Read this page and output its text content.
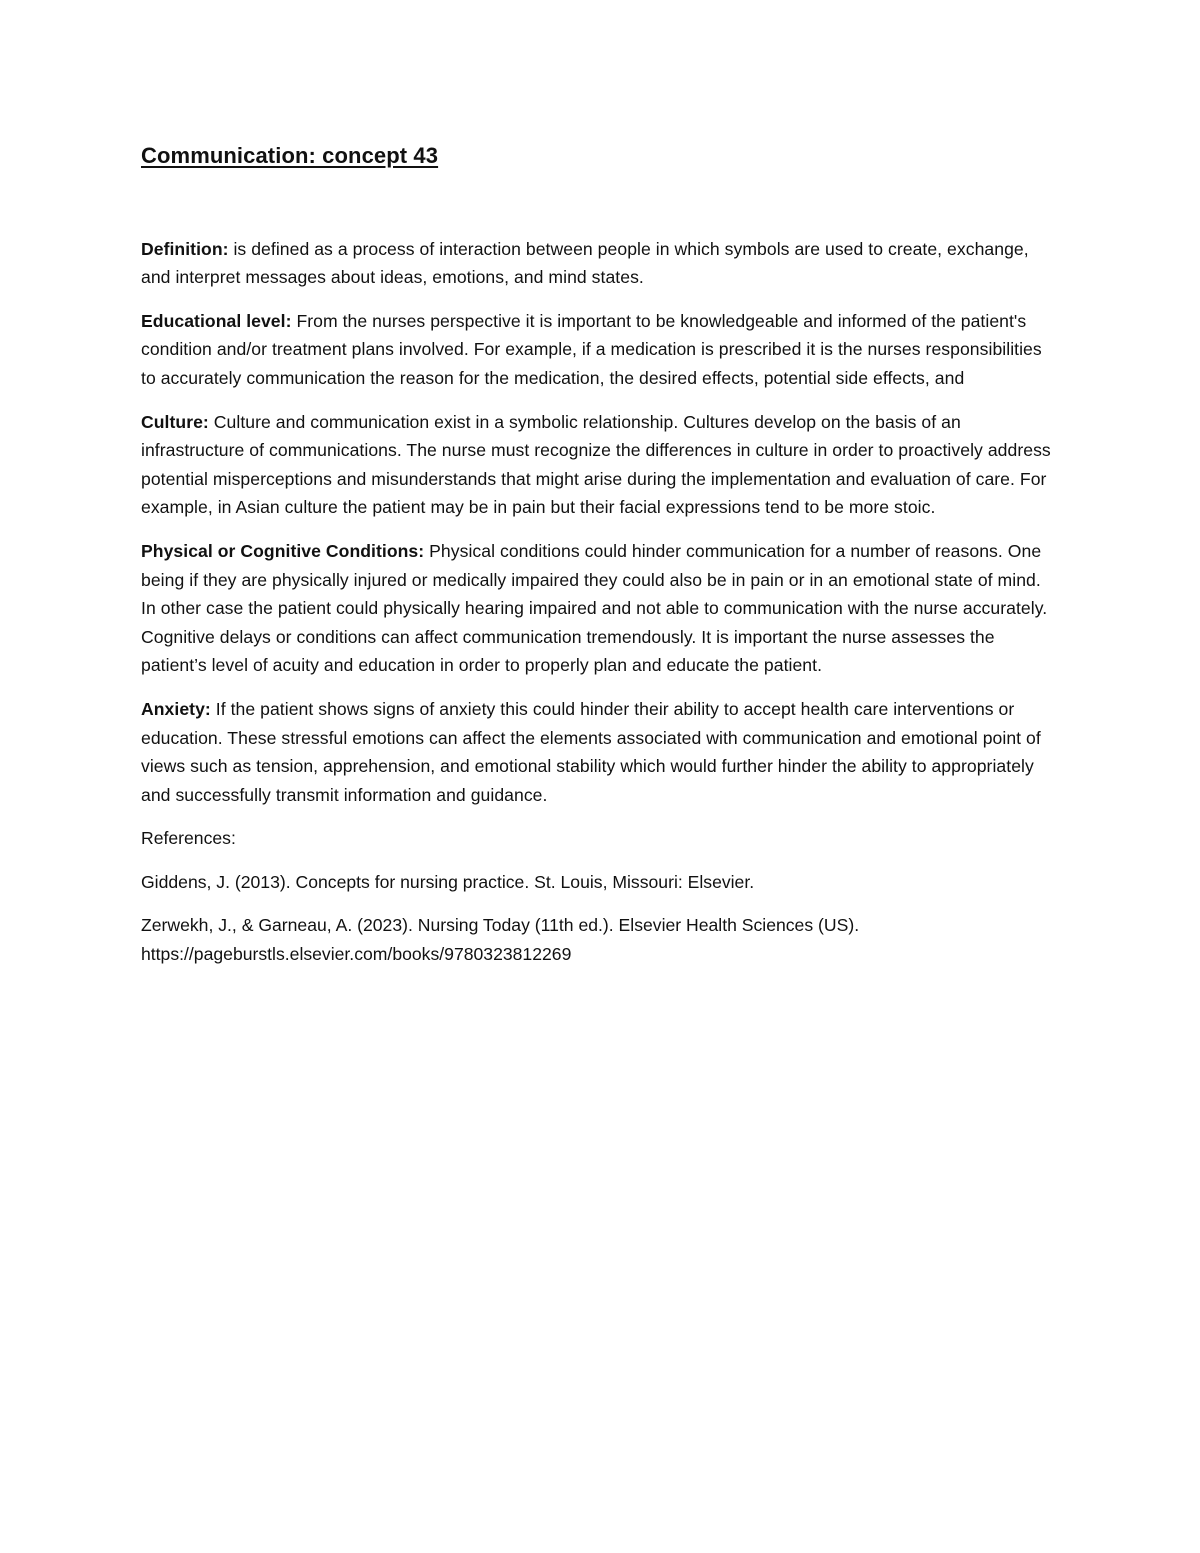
Communication: concept 43

Definition: is defined as a process of interaction between people in which symbols are used to create, exchange, and interpret messages about ideas, emotions, and mind states.

Educational level: From the nurses perspective it is important to be knowledgeable and informed of the patient's condition and/or treatment plans involved. For example, if a medication is prescribed it is the nurses responsibilities to accurately communication the reason for the medication, the desired effects, potential side effects, and

Culture: Culture and communication exist in a symbolic relationship. Cultures develop on the basis of an infrastructure of communications. The nurse must recognize the differences in culture in order to proactively address potential misperceptions and misunderstands that might arise during the implementation and evaluation of care. For example, in Asian culture the patient may be in pain but their facial expressions tend to be more stoic.

Physical or Cognitive Conditions: Physical conditions could hinder communication for a number of reasons. One being if they are physically injured or medically impaired they could also be in pain or in an emotional state of mind. In other case the patient could physically hearing impaired and not able to communication with the nurse accurately. Cognitive delays or conditions can affect communication tremendously. It is important the nurse assesses the patient’s level of acuity and education in order to properly plan and educate the patient.

Anxiety: If the patient shows signs of anxiety this could hinder their ability to accept health care interventions or education. These stressful emotions can affect the elements associated with communication and emotional point of views such as tension, apprehension, and emotional stability which would further hinder the ability to appropriately and successfully transmit information and guidance.

References:

Giddens, J. (2013). Concepts for nursing practice. St. Louis, Missouri: Elsevier.

Zerwekh, J., & Garneau, A. (2023). Nursing Today (11th ed.). Elsevier Health Sciences (US).
https://pageburstls.elsevier.com/books/9780323812269
